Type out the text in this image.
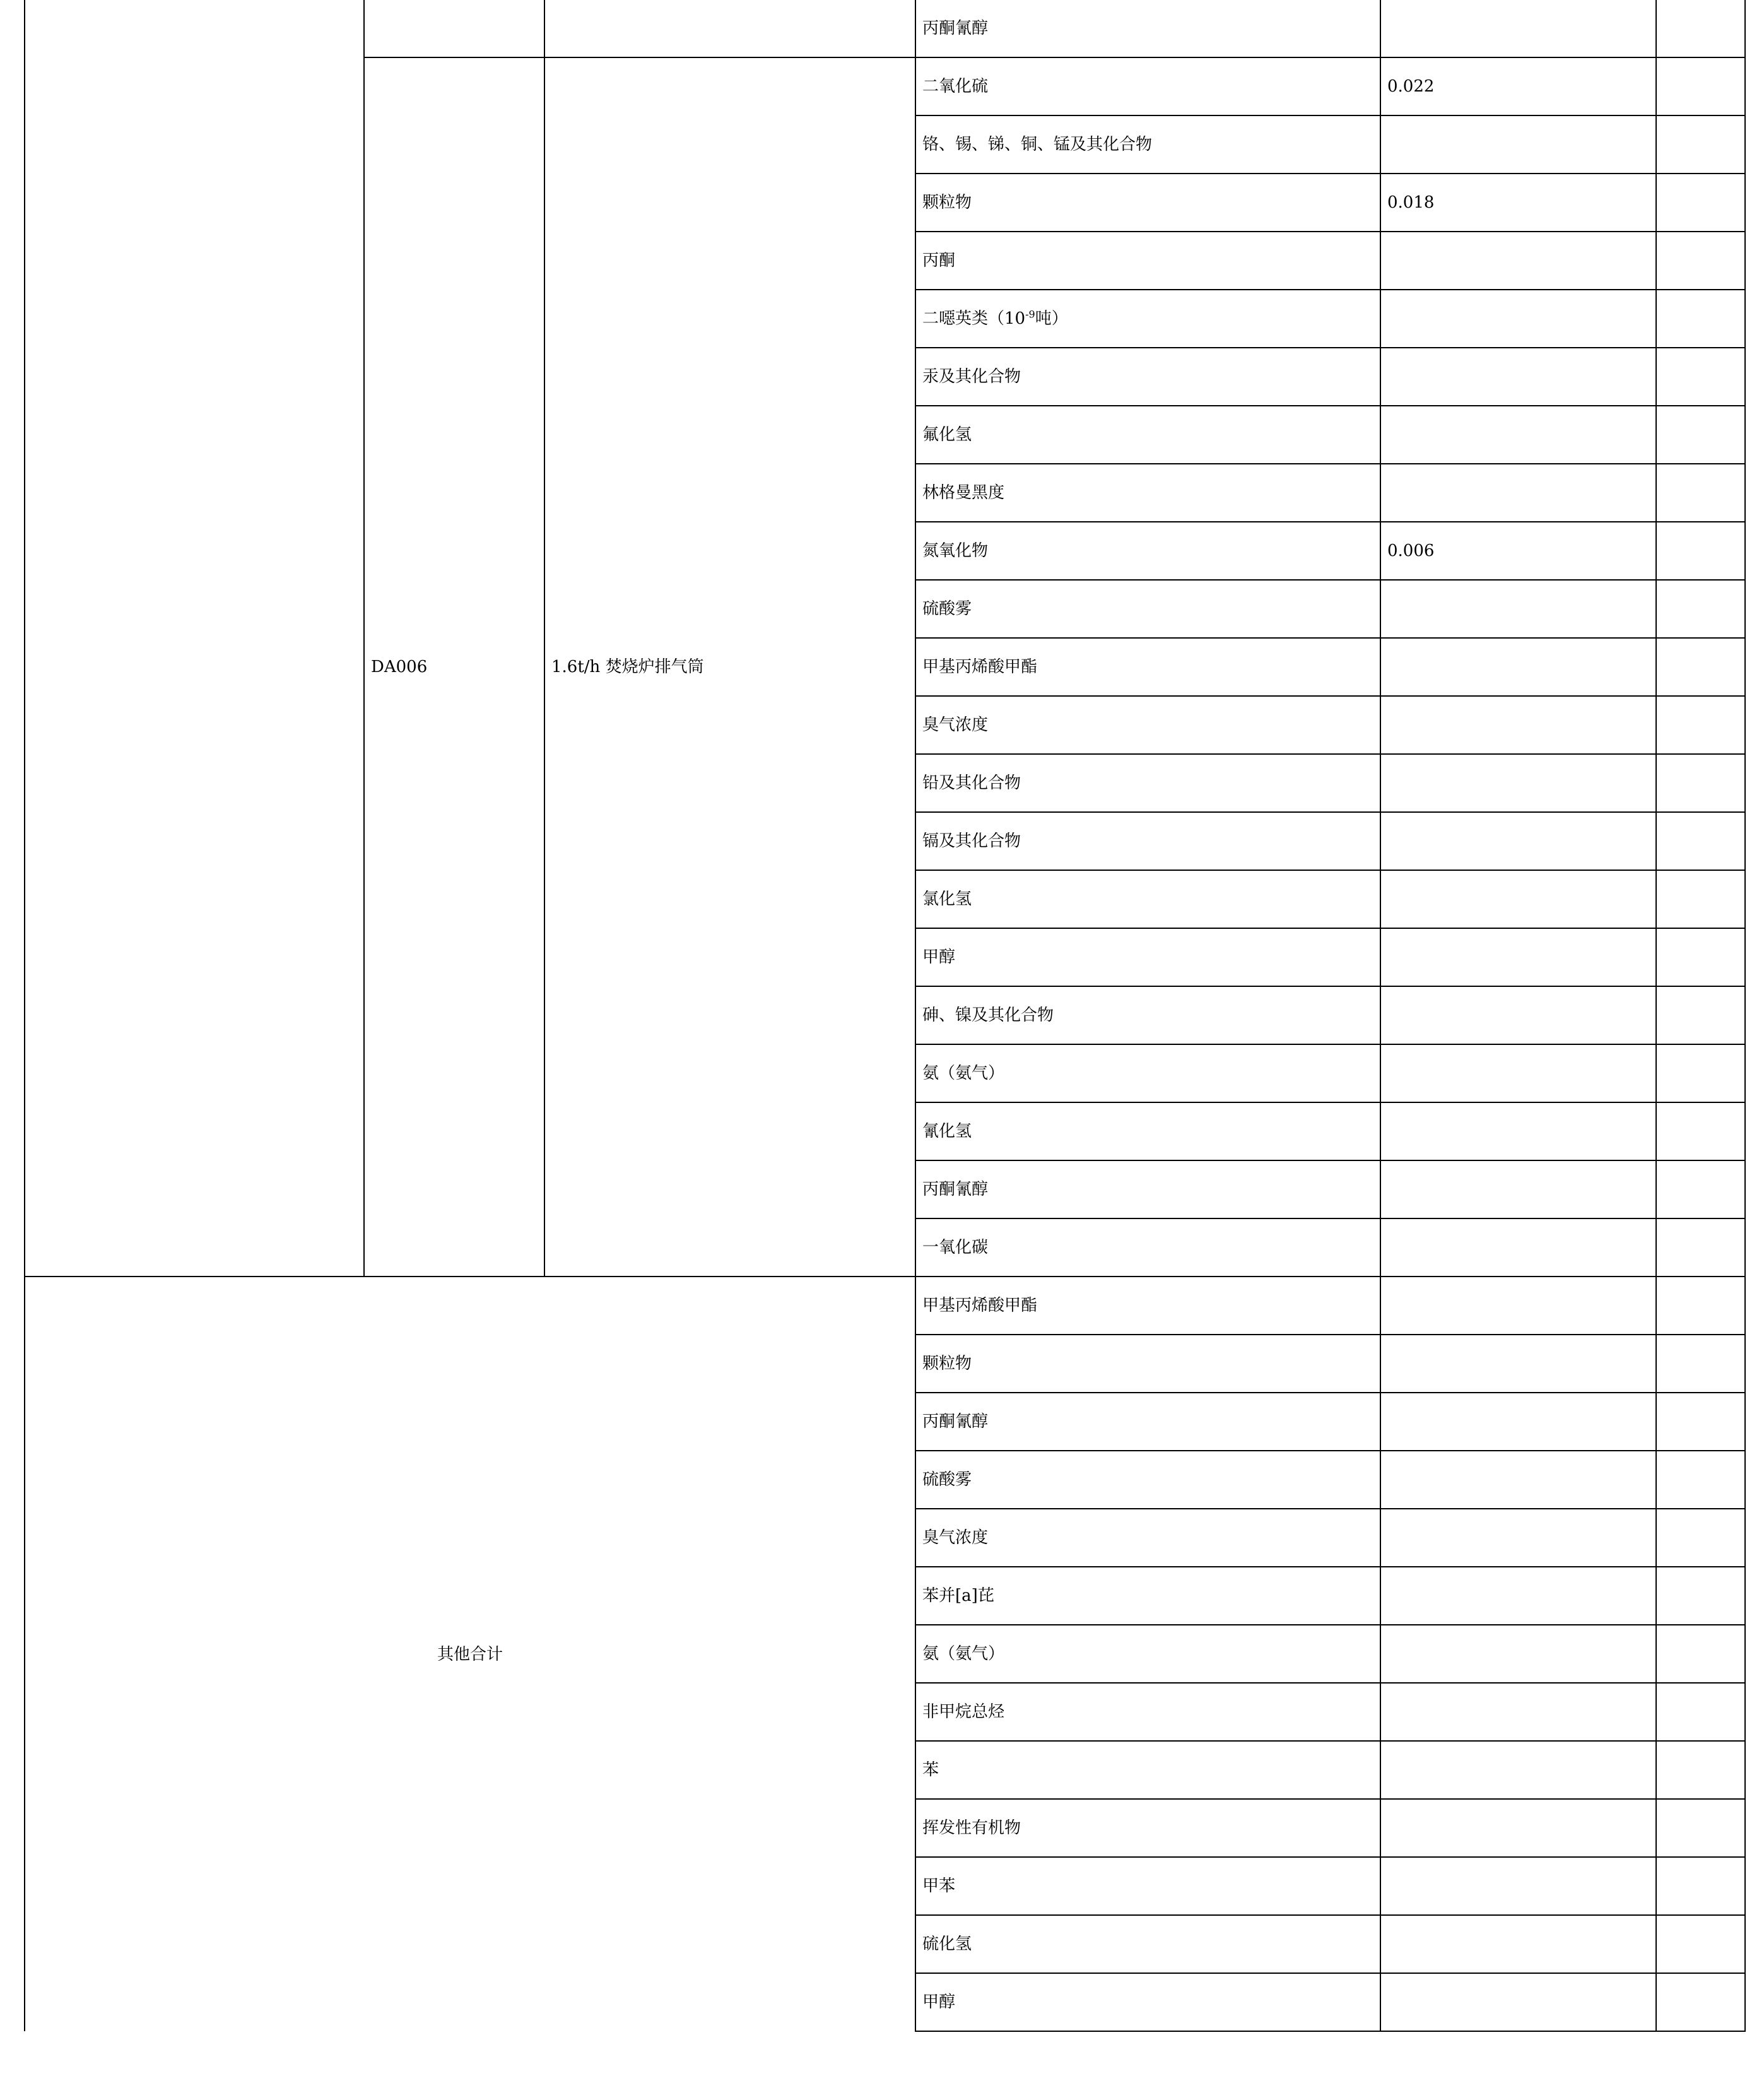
			丙酮氰醇		
	DA006	1.6t/h 焚烧炉排气筒	二氧化硫	0.022	
			铬、锡、锑、铜、锰及其化合物		
			颗粒物	0.018	
			丙酮		
			二噁英类（$10^{-9}$吨）		
			汞及其化合物		
			氟化氢		
			林格曼黑度		
			氮氧化物	0.006	
			硫酸雾		
			甲基丙烯酸甲酯		
			臭气浓度		
			铅及其化合物		
			镉及其化合物		
			氯化氢		
			甲醇		
			砷、镍及其化合物		
			氨（氨气）		
			氰化氢		
			丙酮氰醇		
			一氧化碳		
其他合计			甲基丙烯酸甲酯		
			颗粒物		
			丙酮氰醇		
			硫酸雾		
			臭气浓度		
			苯并[a]芘		
			氨（氨气）		
			非甲烷总烃		
			苯		
			挥发性有机物		
			甲苯		
			硫化氢		
			甲醇		
